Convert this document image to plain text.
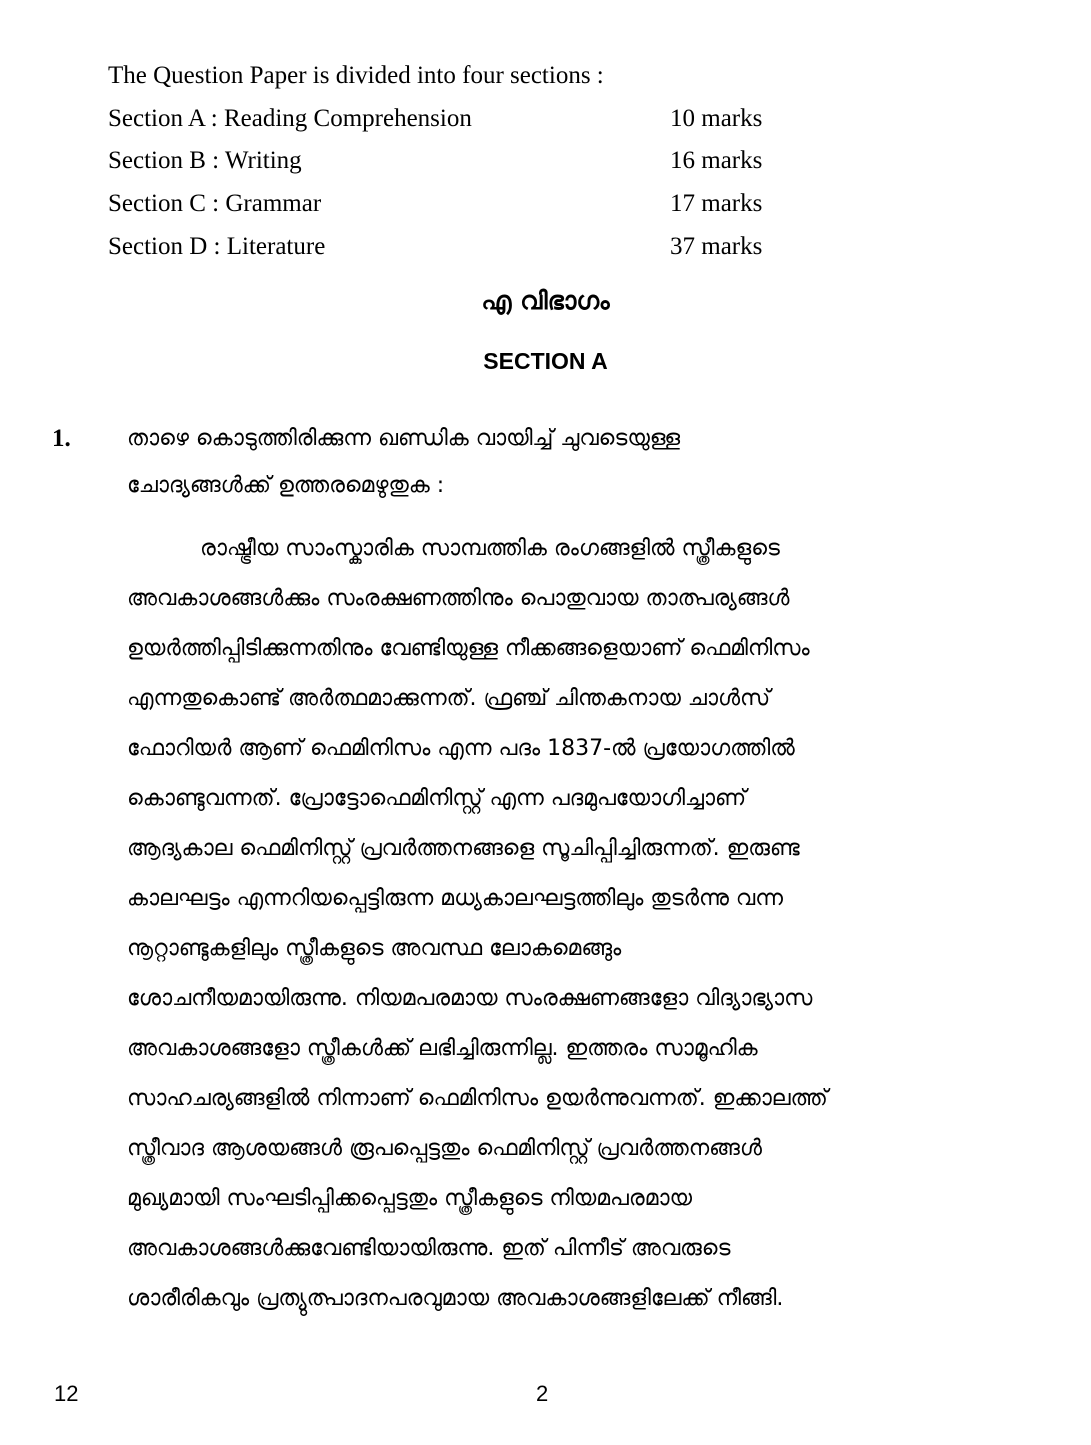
The Question Paper is divided into four sections :
Section A : Reading Comprehension	10 marks
Section B : Writing	16 marks
Section C : Grammar	17 marks
Section D : Literature	37 marks
എ വിഭാഗം
SECTION A
1.	താഴെ കൊടുത്തിരിക്കുന്ന ഖണ്ഡിക വായിച്ച് ചുവടെയുള്ള
ചോദ്യങ്ങൾക്ക് ഉത്തരമെഴുതുക :
രാഷ്ട്രീയ സാംസ്കാരിക സാമ്പത്തിക രംഗങ്ങളിൽ സ്ത്രീകളുടെ
അവകാശങ്ങൾക്കും സംരക്ഷണത്തിനും പൊതുവായ താത്പര്യങ്ങൾ
ഉയർത്തിപ്പിടിക്കുന്നതിനും വേണ്ടിയുള്ള നീക്കങ്ങളെയാണ് ഫെമിനിസം
എന്നതുകൊണ്ട് അർത്ഥമാക്കുന്നത്. ഫ്രഞ്ച് ചിന്തകനായ ചാൾസ്
ഫോറിയർ ആണ് ഫെമിനിസം എന്ന പദം 1837-ൽ പ്രയോഗത്തിൽ
കൊണ്ടുവന്നത്. പ്രോട്ടോഫെമിനിസ്റ്റ് എന്ന പദമുപയോഗിച്ചാണ്
ആദ്യകാല ഫെമിനിസ്റ്റ് പ്രവർത്തനങ്ങളെ സൂചിപ്പിച്ചിരുന്നത്. ഇരുണ്ട
കാലഘട്ടം എന്നറിയപ്പെട്ടിരുന്ന മധ്യകാലഘട്ടത്തിലും തുടർന്നു വന്ന
നൂറ്റാണ്ടുകളിലും സ്ത്രീകളുടെ അവസ്ഥ ലോകമെങ്ങും
ശോചനീയമായിരുന്നു. നിയമപരമായ സംരക്ഷണങ്ങളോ വിദ്യാഭ്യാസ
അവകാശങ്ങളോ സ്ത്രീകൾക്ക് ലഭിച്ചിരുന്നില്ല. ഇത്തരം സാമൂഹിക
സാഹചര്യങ്ങളിൽ നിന്നാണ് ഫെമിനിസം ഉയർന്നുവന്നത്. ഇക്കാലത്ത്
സ്ത്രീവാദ ആശയങ്ങൾ രൂപപ്പെട്ടതും ഫെമിനിസ്റ്റ് പ്രവർത്തനങ്ങൾ
മുഖ്യമായി സംഘടിപ്പിക്കപ്പെട്ടതും സ്ത്രീകളുടെ നിയമപരമായ
അവകാശങ്ങൾക്കുവേണ്ടിയായിരുന്നു. ഇത് പിന്നീട് അവരുടെ
ശാരീരികവും പ്രത്യുത്പാദനപരവുമായ അവകാശങ്ങളിലേക്ക് നീങ്ങി.
12	2
